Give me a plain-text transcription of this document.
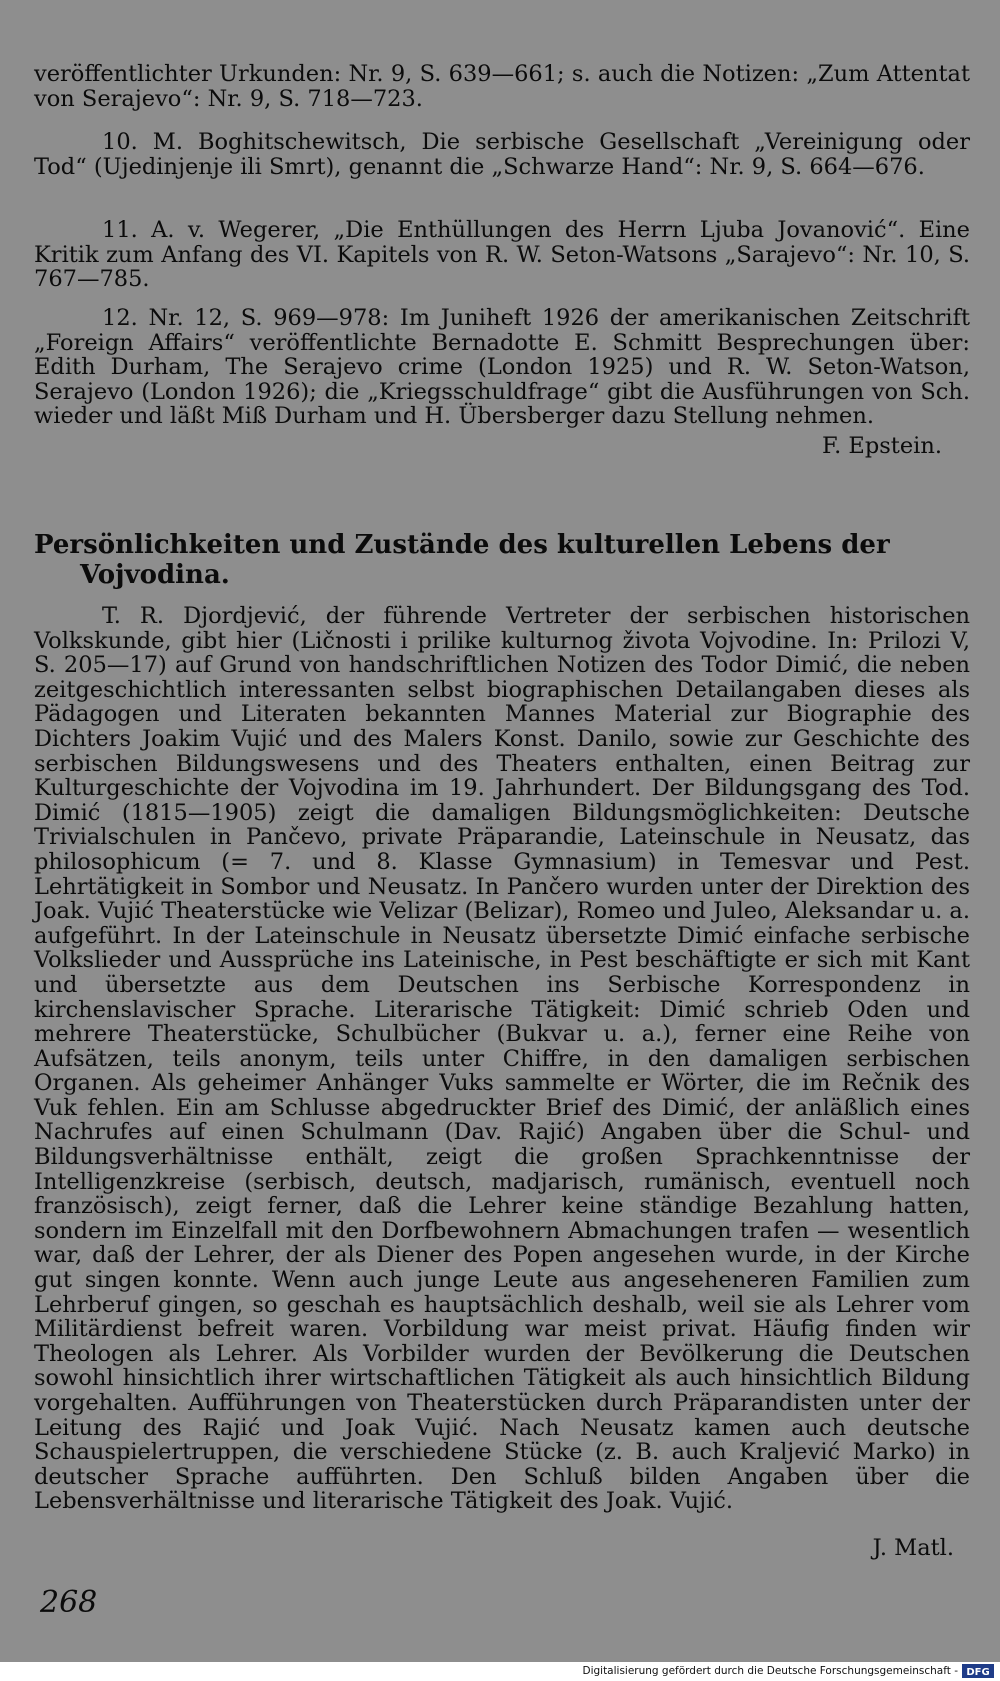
veröffentlichter Urkunden: Nr. 9, S. 639—661; s. auch die Notizen: „Zum Attentat von Serajevo“: Nr. 9, S. 718—723.

10. M. Boghitschewitsch, Die serbische Gesellschaft „Vereinigung oder Tod“ (Ujedinjenje ili Smrt), genannt die „Schwarze Hand“: Nr. 9, S. 664—676.

11. A. v. Wegerer, „Die Enthüllungen des Herrn Ljuba Jovanović“. Eine Kritik zum Anfang des VI. Kapitels von R. W. Seton-Watsons „Sarajevo“: Nr. 10, S. 767—785.

12. Nr. 12, S. 969—978: Im Juniheft 1926 der amerikanischen Zeitschrift „Foreign Affairs“ veröffentlichte Bernadotte E. Schmitt Besprechungen über: Edith Durham, The Serajevo crime (London 1925) und R. W. Seton-Watson, Serajevo (London 1926); die „Kriegsschuldfrage“ gibt die Ausführungen von Sch. wieder und läßt Miß Durham und H. Übersberger dazu Stellung nehmen.

F. Epstein.
Persönlichkeiten und Zustände des kulturellen Lebens der
Vojvodina.

T. R. Djordjević, der führende Vertreter der serbischen historischen Volkskunde, gibt hier (Ličnosti i prilike kulturnog života Vojvodine. In: Prilozi V, S. 205—17) auf Grund von handschriftlichen Notizen des Todor Dimić, die neben zeitgeschichtlich interessanten selbst biographischen Detailangaben dieses als Pädagogen und Literaten bekannten Mannes Material zur Biographie des Dichters Joakim Vujić und des Malers Konst. Danilo, sowie zur Geschichte des serbischen Bildungswesens und des Theaters enthalten, einen Beitrag zur Kulturgeschichte der Vojvodina im 19. Jahrhundert. Der Bildungsgang des Tod. Dimić (1815—1905) zeigt die damaligen Bildungsmöglichkeiten: Deutsche Trivialschulen in Pančevo, private Präparandie, Lateinschule in Neusatz, das philosophicum (= 7. und 8. Klasse Gymnasium) in Temesvar und Pest. Lehrtätigkeit in Sombor und Neusatz. In Pančero wurden unter der Direktion des Joak. Vujić Theaterstücke wie Velizar (Belizar), Romeo und Juleo, Aleksandar u. a. aufgeführt. In der Lateinschule in Neusatz übersetzte Dimić einfache serbische Volkslieder und Aussprüche ins Lateinische, in Pest beschäftigte er sich mit Kant und übersetzte aus dem Deutschen ins Serbische Korrespondenz in kirchenslavischer Sprache. Literarische Tätigkeit: Dimić schrieb Oden und mehrere Theaterstücke, Schulbücher (Bukvar u. a.), ferner eine Reihe von Aufsätzen, teils anonym, teils unter Chiffre, in den damaligen serbischen Organen. Als geheimer Anhänger Vuks sammelte er Wörter, die im Rečnik des Vuk fehlen. Ein am Schlusse abgedruckter Brief des Dimić, der anläßlich eines Nachrufes auf einen Schulmann (Dav. Rajić) Angaben über die Schul- und Bildungsverhältnisse enthält, zeigt die großen Sprachkenntnisse der Intelligenzkreise (serbisch, deutsch, madjarisch, rumänisch, eventuell noch französisch), zeigt ferner, daß die Lehrer keine ständige Bezahlung hatten, sondern im Einzelfall mit den Dorfbewohnern Abmachungen trafen — wesentlich war, daß der Lehrer, der als Diener des Popen angesehen wurde, in der Kirche gut singen konnte. Wenn auch junge Leute aus angeseheneren Familien zum Lehrberuf gingen, so geschah es hauptsächlich deshalb, weil sie als Lehrer vom Militärdienst befreit waren. Vorbildung war meist privat. Häufig finden wir Theologen als Lehrer. Als Vorbilder wurden der Bevölkerung die Deutschen sowohl hinsichtlich ihrer wirtschaftlichen Tätigkeit als auch hinsichtlich Bildung vorgehalten. Aufführungen von Theaterstücken durch Präparandisten unter der Leitung des Rajić und Joak Vujić. Nach Neusatz kamen auch deutsche Schauspielertruppen, die verschiedene Stücke (z. B. auch Kraljević Marko) in deutscher Sprache aufführten. Den Schluß bilden Angaben über die Lebensverhältnisse und literarische Tätigkeit des Joak. Vujić.

J. Matl.
268
Digitalisierung gefördert durch die Deutsche Forschungsgemeinschaft - DFG
